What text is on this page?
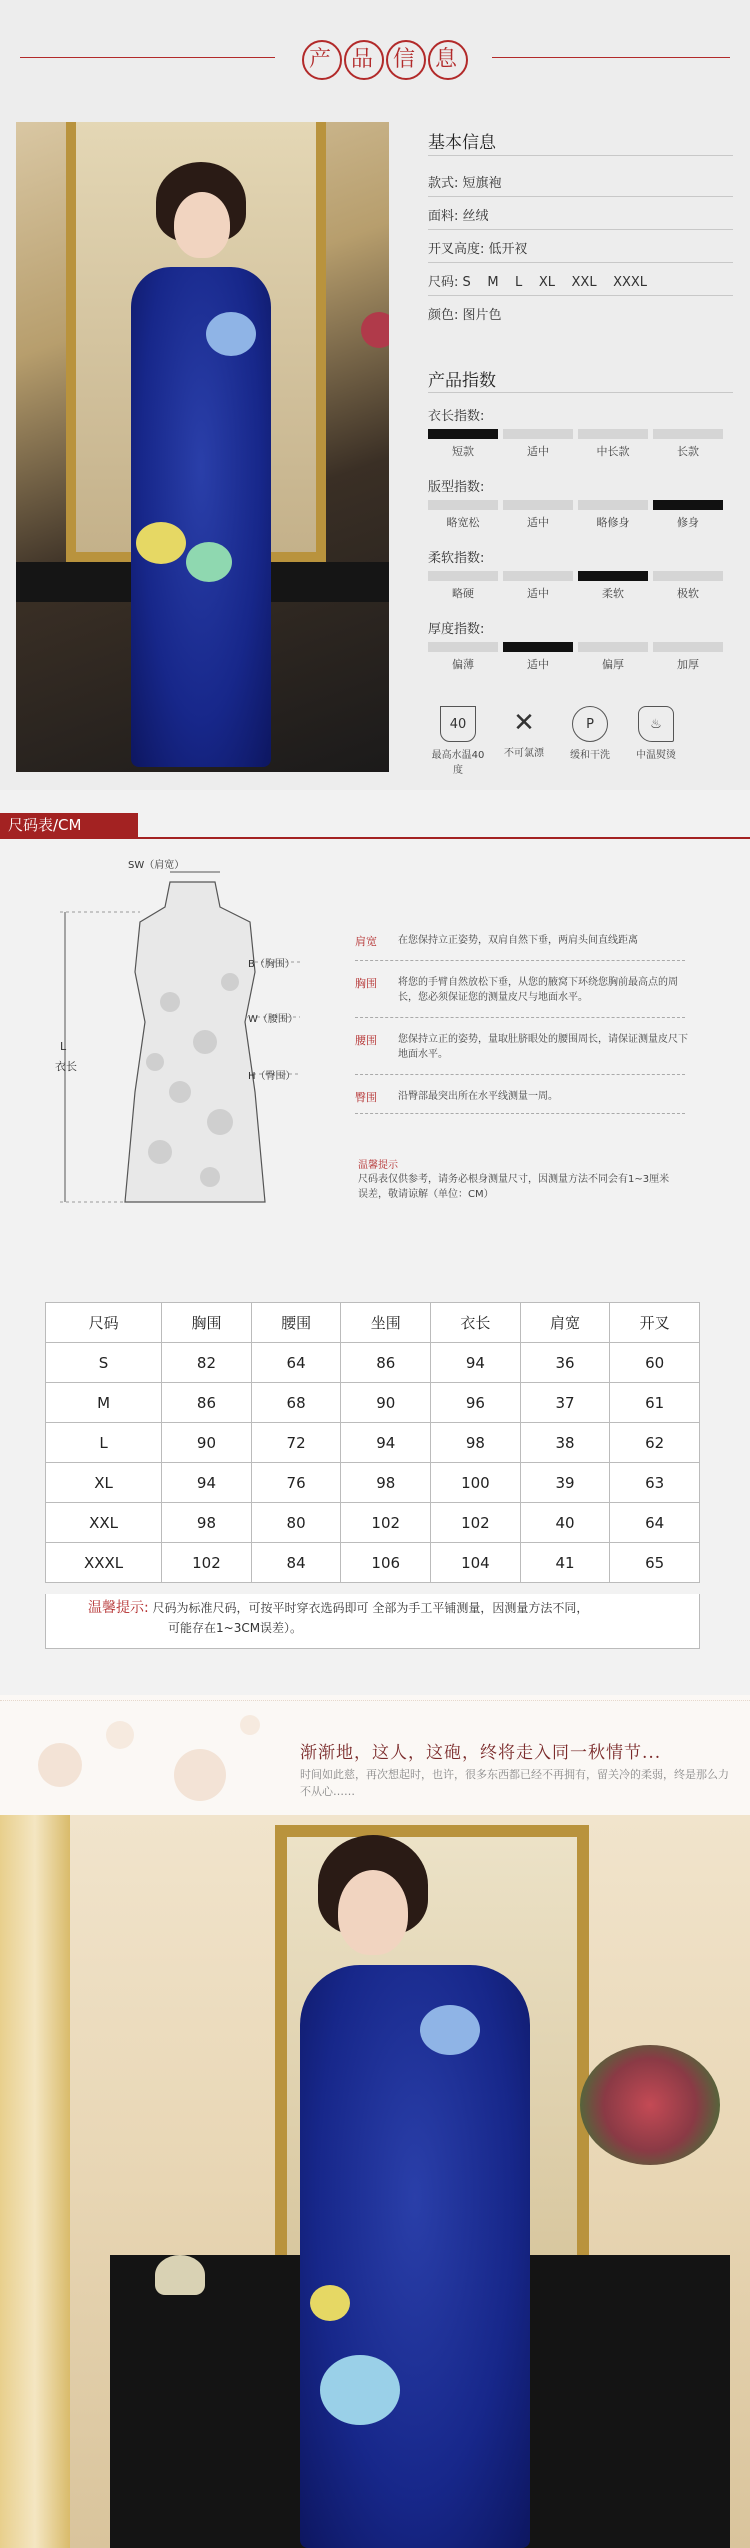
产 品 信 息
基本信息
款式: 短旗袍
面料: 丝绒
开叉高度: 低开衩
尺码: S    M    L    XL    XXL    XXXL
颜色: 图片色
产品指数
衣长指数:
短款	适中	中长款	长款
版型指数:
略宽松	适中	略修身	修身
柔软指数:
略硬	适中	柔软	极软
厚度指数:
偏薄	适中	偏厚	加厚
40
最高水温40度
✕
不可氯漂
P
缓和干洗
♨
中温熨烫
尺码表/CM
SW（肩宽）
B（胸围）
W（腰围）
H（臀围）
L
衣长
肩宽 在您保持立正姿势，双肩自然下垂，两肩头间直线距离
胸围 将您的手臂自然放松下垂，从您的腋窝下环绕您胸前最高点的周长，您必须保证您的测量皮尺与地面水平。
腰围 您保持立正的姿势，量取肚脐眼处的腰围周长，请保证测量皮尺下地面水平。
臀围 沿臀部最突出所在水平线测量一周。
温馨提示
尺码表仅供参考，请务必根身测量尺寸，因测量方法不同会有1~3厘米误差，敬请谅解（单位：CM）
尺码	胸围	腰围	坐围	衣长	肩宽	开叉
S	82	64	86	94	36	60
M	86	68	90	96	37	61
L	90	72	94	98	38	62
XL	94	76	98	100	39	63
XXL	98	80	102	102	40	64
XXXL	102	84	106	104	41	65
温馨提示: 尺码为标准尺码，可按平时穿衣选码即可 全部为手工平铺测量，因测量方法不同，
可能存在1~3CM误差）。
渐渐地，这人，这砲，终将走入同一秋情节...
时间如此慈，再次想起时，也许，很多东西都已经不再拥有，留关冷的柔弱，终是那么力不从心……
